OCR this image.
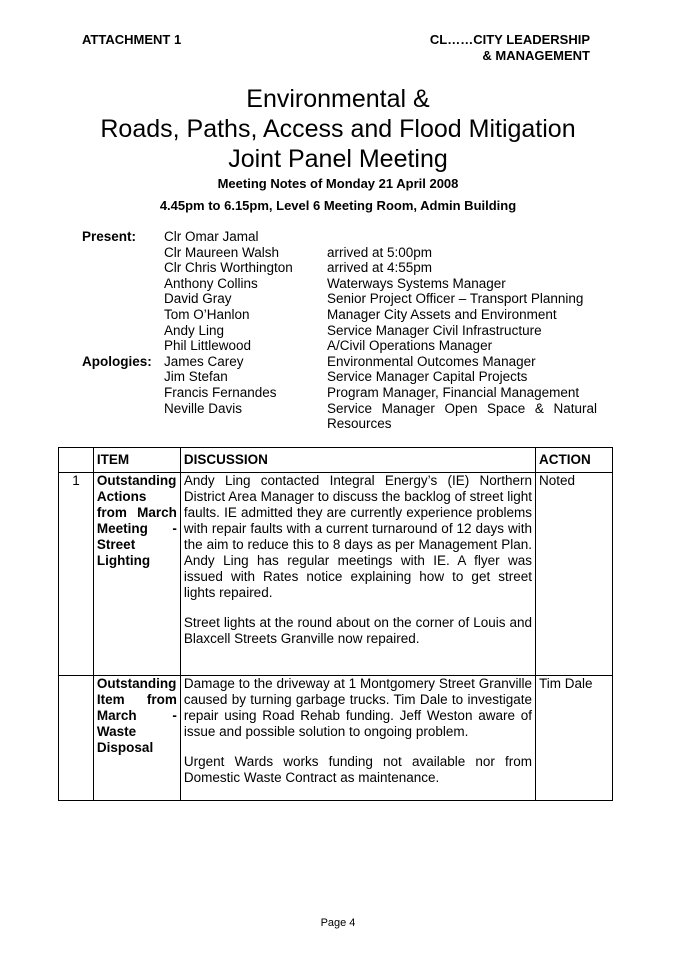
ATTACHMENT 1	CL……CITY LEADERSHIP
& MANAGEMENT
Environmental &
Roads, Paths, Access and Flood Mitigation
Joint Panel Meeting
Meeting Notes of Monday 21 April 2008
4.45pm to 6.15pm, Level 6 Meeting Room, Admin Building
Present:	Clr Omar Jamal
Clr Maureen Walsh	arrived at 5:00pm
Clr Chris Worthington	arrived at 4:55pm
Anthony Collins	Waterways Systems Manager
David Gray	Senior Project Officer – Transport Planning
Tom O’Hanlon	Manager City Assets and Environment
Andy Ling	Service Manager Civil Infrastructure
Phil Littlewood	A/Civil Operations Manager
Apologies: James Carey	Environmental Outcomes Manager
Jim Stefan	Service Manager Capital Projects
Francis Fernandes	Program Manager, Financial Management
Neville Davis	Service Manager Open Space & Natural Resources
	ITEM	DISCUSSION	ACTION
1	Outstanding Actions from March Meeting - Street Lighting	Andy Ling contacted Integral Energy’s (IE) Northern District Area Manager to discuss the backlog of street light faults. IE admitted they are currently experience problems with repair faults with a current turnaround of 12 days with the aim to reduce this to 8 days as per Management Plan. Andy Ling has regular meetings with IE. A flyer was issued with Rates notice explaining how to get street lights repaired.

Street lights at the round about on the corner of Louis and Blaxcell Streets Granville now repaired.	Noted
	Outstanding Item from March - Waste Disposal	Damage to the driveway at 1 Montgomery Street Granville caused by turning garbage trucks. Tim Dale to investigate repair using Road Rehab funding. Jeff Weston aware of issue and possible solution to ongoing problem.

Urgent Wards works funding not available nor from Domestic Waste Contract as maintenance.	Tim Dale
Page 4
